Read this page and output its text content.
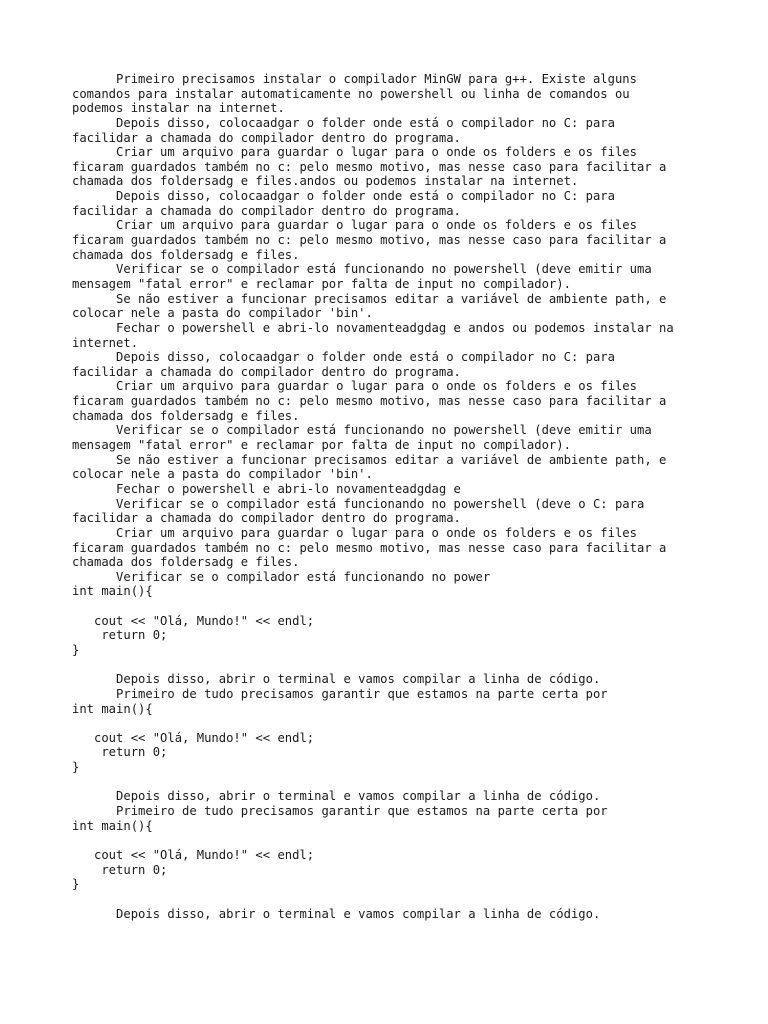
Primeiro precisamos instalar o compilador MinGW para g++. Existe alguns
comandos para instalar automaticamente no powershell ou linha de comandos ou
podemos instalar na internet.
Depois disso, colocaadgar o folder onde está o compilador no C: para
facilidar a chamada do compilador dentro do programa.
Criar um arquivo para guardar o lugar para o onde os folders e os files
ficaram guardados também no c: pelo mesmo motivo, mas nesse caso para facilitar a
chamada dos foldersadg e files.andos ou podemos instalar na internet.
Depois disso, colocaadgar o folder onde está o compilador no C: para
facilidar a chamada do compilador dentro do programa.
Criar um arquivo para guardar o lugar para o onde os folders e os files
ficaram guardados também no c: pelo mesmo motivo, mas nesse caso para facilitar a
chamada dos foldersadg e files.
Verificar se o compilador está funcionando no powershell (deve emitir uma
mensagem "fatal error" e reclamar por falta de input no compilador).
Se não estiver a funcionar precisamos editar a variável de ambiente path, e
colocar nele a pasta do compilador 'bin'.
Fechar o powershell e abri-lo novamenteadgdag e andos ou podemos instalar na
internet.
Depois disso, colocaadgar o folder onde está o compilador no C: para
facilidar a chamada do compilador dentro do programa.
Criar um arquivo para guardar o lugar para o onde os folders e os files
ficaram guardados também no c: pelo mesmo motivo, mas nesse caso para facilitar a
chamada dos foldersadg e files.
Verificar se o compilador está funcionando no powershell (deve emitir uma
mensagem "fatal error" e reclamar por falta de input no compilador).
Se não estiver a funcionar precisamos editar a variável de ambiente path, e
colocar nele a pasta do compilador 'bin'.
Fechar o powershell e abri-lo novamenteadgdag e
Verificar se o compilador está funcionando no powershell (deve o C: para
facilidar a chamada do compilador dentro do programa.
Criar um arquivo para guardar o lugar para o onde os folders e os files
ficaram guardados também no c: pelo mesmo motivo, mas nesse caso para facilitar a
chamada dos foldersadg e files.
Verificar se o compilador está funcionando no power
int main(){
cout << "Olá, Mundo!" << endl;
return 0;
}
Depois disso, abrir o terminal e vamos compilar a linha de código.
Primeiro de tudo precisamos garantir que estamos na parte certa por
int main(){
cout << "Olá, Mundo!" << endl;
return 0;
}
Depois disso, abrir o terminal e vamos compilar a linha de código.
Primeiro de tudo precisamos garantir que estamos na parte certa por
int main(){
cout << "Olá, Mundo!" << endl;
return 0;
}
Depois disso, abrir o terminal e vamos compilar a linha de código.
